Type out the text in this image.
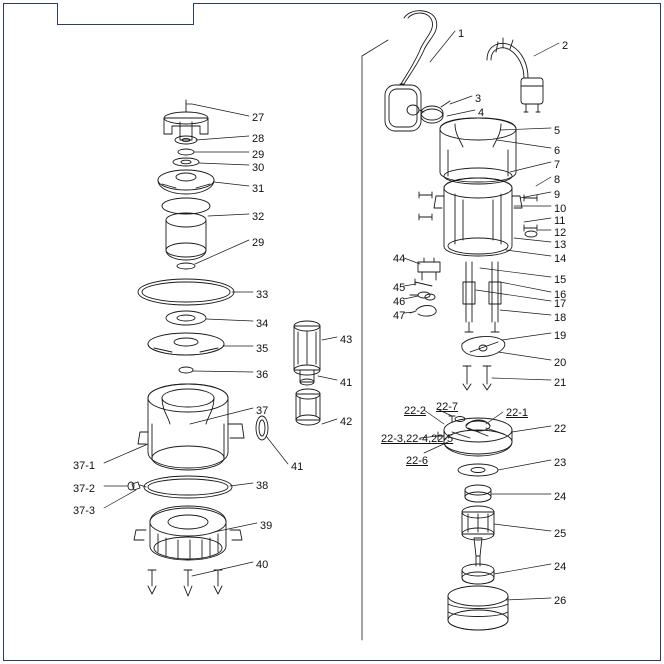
1
2
3
4
5
6
7
8
9
10
11
12
13
14
15
16
17
18
19
20
21
22
23
24
25
24
26
22-1
22-2 22-7
22-3,22-4,22-5
22-6
27
28
29
30
31
32
29
33
34
35
36
37
38
39
40
41
42
41
43
44
45
46
47
37-1
37-2
37-3
